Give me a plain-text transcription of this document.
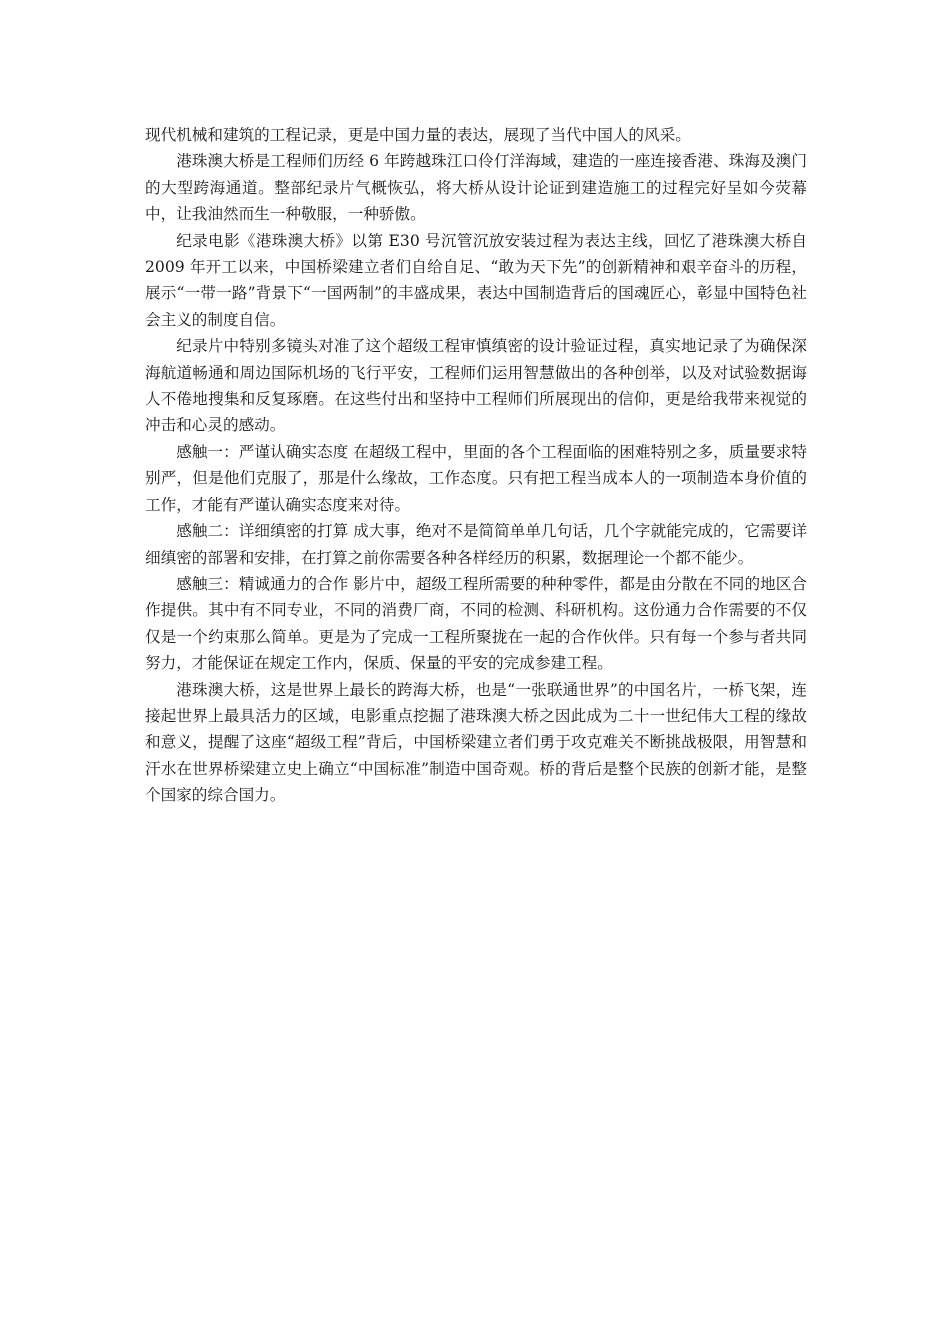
现代机械和建筑的工程记录，更是中国力量的表达，展现了当代中国人的风采。

港珠澳大桥是工程师们历经 6 年跨越珠江口伶仃洋海域，建造的一座连接香港、珠海及澳门的大型跨海通道。整部纪录片气概恢弘，将大桥从设计论证到建造施工的过程完好呈如今荧幕中，让我油然而生一种敬服，一种骄傲。

纪录电影《港珠澳大桥》以第 E30 号沉管沉放安装过程为表达主线，回忆了港珠澳大桥自 2009 年开工以来，中国桥梁建立者们自给自足、“敢为天下先”的创新精神和艰辛奋斗的历程，展示“一带一路”背景下“一国两制”的丰盛成果，表达中国制造背后的国魂匠心，彰显中国特色社会主义的制度自信。

纪录片中特别多镜头对准了这个超级工程审慎缜密的设计验证过程，真实地记录了为确保深海航道畅通和周边国际机场的飞行平安，工程师们运用智慧做出的各种创举，以及对试验数据诲人不倦地搜集和反复琢磨。在这些付出和坚持中工程师们所展现出的信仰，更是给我带来视觉的冲击和心灵的感动。

感触一：严谨认确实态度 在超级工程中，里面的各个工程面临的困难特别之多，质量要求特别严，但是他们克服了，那是什么缘故，工作态度。只有把工程当成本人的一项制造本身价值的工作，才能有严谨认确实态度来对待。

感触二：详细缜密的打算 成大事，绝对不是简简单单几句话，几个字就能完成的，它需要详细缜密的部署和安排，在打算之前你需要各种各样经历的积累，数据理论一个都不能少。

感触三：精诚通力的合作 影片中，超级工程所需要的种种零件，都是由分散在不同的地区合作提供。其中有不同专业，不同的消费厂商，不同的检测、科研机构。这份通力合作需要的不仅仅是一个约束那么简单。更是为了完成一工程所聚拢在一起的合作伙伴。只有每一个参与者共同努力，才能保证在规定工作内，保质、保量的平安的完成参建工程。

港珠澳大桥，这是世界上最长的跨海大桥，也是“一张联通世界”的中国名片，一桥飞架，连接起世界上最具活力的区域，电影重点挖掘了港珠澳大桥之因此成为二十一世纪伟大工程的缘故和意义，提醒了这座“超级工程”背后，中国桥梁建立者们勇于攻克难关不断挑战极限，用智慧和汗水在世界桥梁建立史上确立“中国标准”制造中国奇观。桥的背后是整个民族的创新才能，是整个国家的综合国力。
